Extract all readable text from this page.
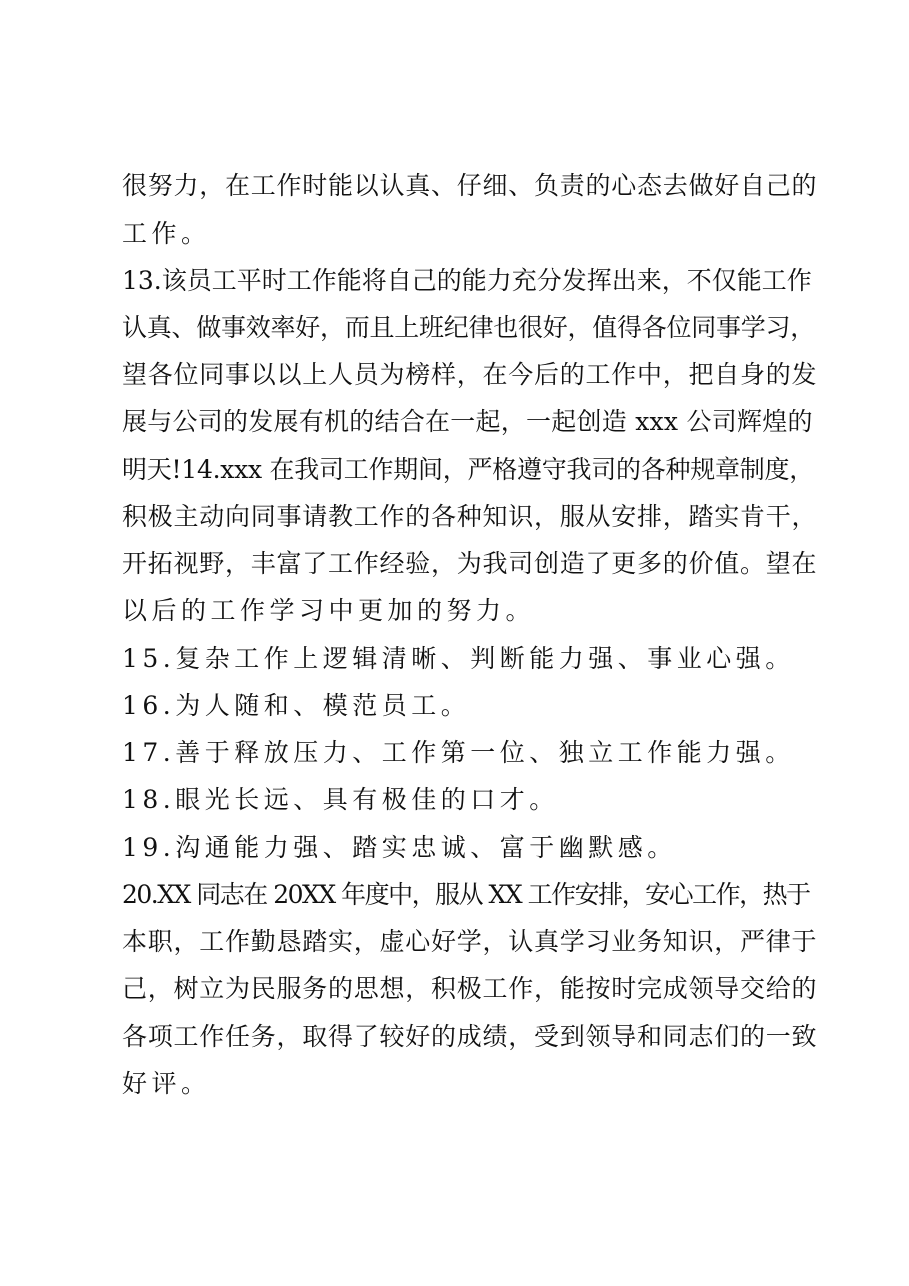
很努力，在工作时能以认真、仔细、负责的心态去做好自己的
工作。
13.该员工平时工作能将自己的能力充分发挥出来，不仅能工作
认真、做事效率好，而且上班纪律也很好，值得各位同事学习，
望各位同事以以上人员为榜样，在今后的工作中，把自身的发
展与公司的发展有机的结合在一起，一起创造 xxx 公司辉煌的
明天!14.xxx 在我司工作期间，严格遵守我司的各种规章制度，
积极主动向同事请教工作的各种知识，服从安排，踏实肯干，
开拓视野，丰富了工作经验，为我司创造了更多的价值。望在
以后的工作学习中更加的努力。
15.复杂工作上逻辑清晰、判断能力强、事业心强。
16.为人随和、模范员工。
17.善于释放压力、工作第一位、独立工作能力强。
18.眼光长远、具有极佳的口才。
19.沟通能力强、踏实忠诚、富于幽默感。
20.XX 同志在 20XX 年度中，服从 XX 工作安排，安心工作，热于
本职，工作勤恳踏实，虚心好学，认真学习业务知识，严律于
己，树立为民服务的思想，积极工作，能按时完成领导交给的
各项工作任务，取得了较好的成绩，受到领导和同志们的一致
好评。
